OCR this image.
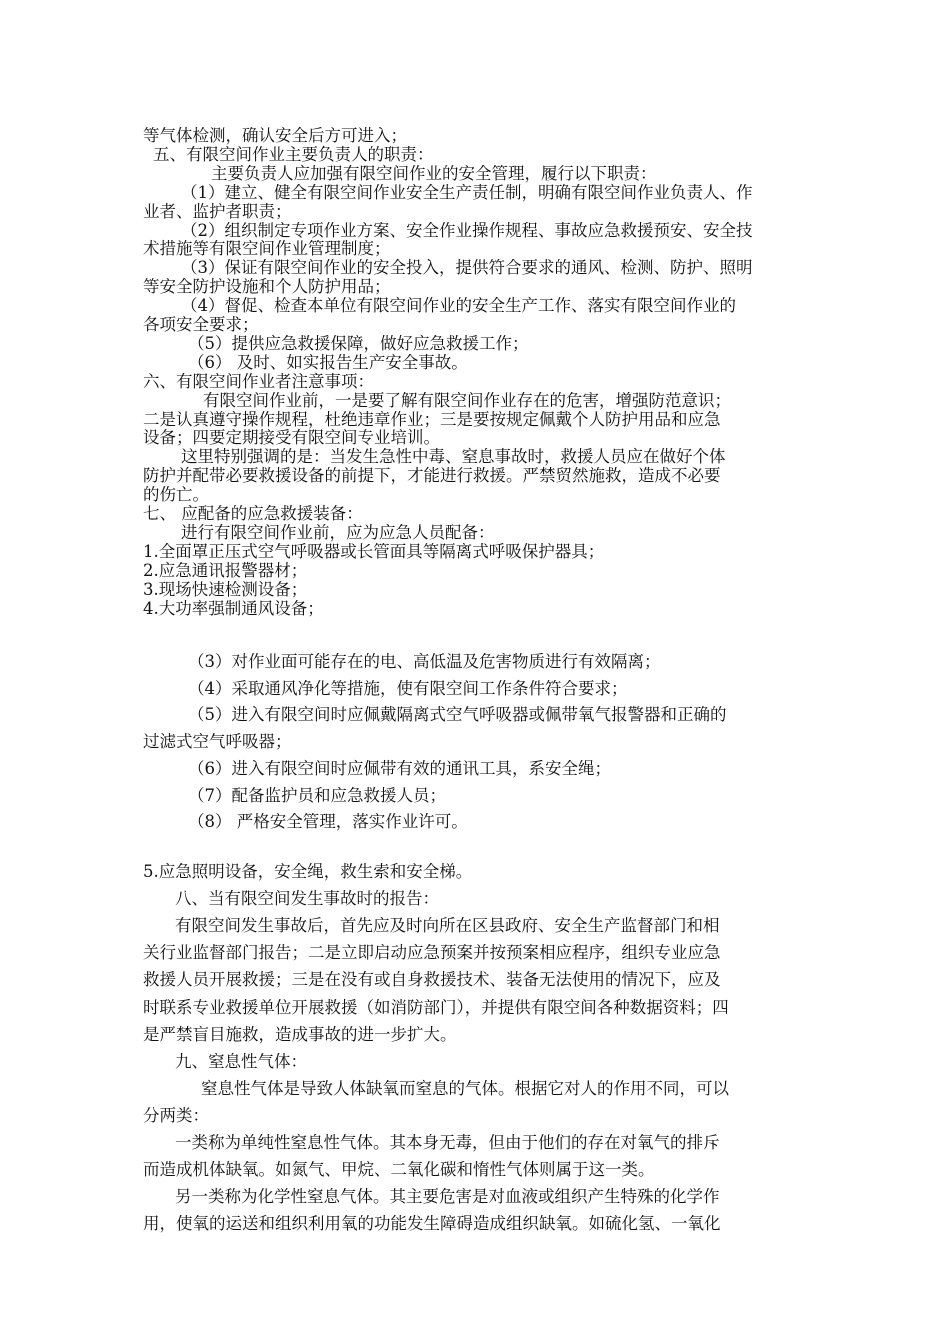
等气体检测，确认安全后方可进入；
五、有限空间作业主要负责人的职责：
主要负责人应加强有限空间作业的安全管理，履行以下职责：
（1）建立、健全有限空间作业安全生产责任制，明确有限空间作业负责人、作
业者、监护者职责；
（2）组织制定专项作业方案、安全作业操作规程、事故应急救援预安、安全技
术措施等有限空间作业管理制度；
（3）保证有限空间作业的安全投入，提供符合要求的通风、检测、防护、照明
等安全防护设施和个人防护用品；
（4）督促、检查本单位有限空间作业的安全生产工作、落实有限空间作业的
各项安全要求；
（5）提供应急救援保障，做好应急救援工作；
（6） 及时、如实报告生产安全事故。
六、有限空间作业者注意事项：
有限空间作业前，一是要了解有限空间作业存在的危害，增强防范意识；
二是认真遵守操作规程，杜绝违章作业；三是要按规定佩戴个人防护用品和应急
设备；四要定期接受有限空间专业培训。
这里特别强调的是：当发生急性中毒、窒息事故时，救援人员应在做好个体
防护并配带必要救援设备的前提下，才能进行救援。严禁贸然施救，造成不必要
的伤亡。
七、 应配备的应急救援装备：
进行有限空间作业前，应为应急人员配备：
1.全面罩正压式空气呼吸器或长管面具等隔离式呼吸保护器具；
2.应急通讯报警器材；
3.现场快速检测设备；
4.大功率强制通风设备；
（3）对作业面可能存在的电、高低温及危害物质进行有效隔离；
（4）采取通风净化等措施，使有限空间工作条件符合要求；
（5）进入有限空间时应佩戴隔离式空气呼吸器或佩带氧气报警器和正确的
过滤式空气呼吸器；
（6）进入有限空间时应佩带有效的通讯工具，系安全绳；
（7）配备监护员和应急救援人员；
（8） 严格安全管理，落实作业许可。
5.应急照明设备，安全绳，救生索和安全梯。
八、当有限空间发生事故时的报告：
有限空间发生事故后，首先应及时向所在区县政府、安全生产监督部门和相
关行业监督部门报告；二是立即启动应急预案并按预案相应程序，组织专业应急
救援人员开展救援；三是在没有或自身救援技术、装备无法使用的情况下，应及
时联系专业救援单位开展救援（如消防部门），并提供有限空间各种数据资料；四
是严禁盲目施救，造成事故的进一步扩大。
九、窒息性气体：
窒息性气体是导致人体缺氧而窒息的气体。根据它对人的作用不同，可以
分两类：
一类称为单纯性窒息性气体。其本身无毒，但由于他们的存在对氧气的排斥
而造成机体缺氧。如氮气、甲烷、二氧化碳和惰性气体则属于这一类。
另一类称为化学性窒息气体。其主要危害是对血液或组织产生特殊的化学作
用，使氧的运送和组织利用氧的功能发生障碍造成组织缺氧。如硫化氢、一氧化
